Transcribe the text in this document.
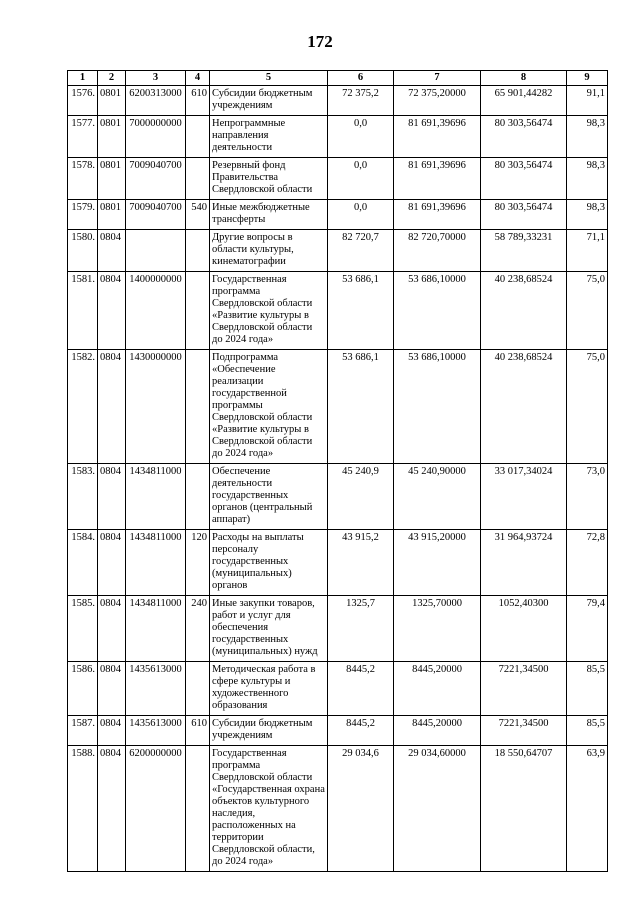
172
1	2	3	4	5	6	7	8	9
1576.	0801	6200313000	610	Субсидии бюджетным учреждениям	72 375,2	72 375,20000	65 901,44282	91,1
1577.	0801	7000000000		Непрограммные направления деятельности	0,0	81 691,39696	80 303,56474	98,3
1578.	0801	7009040700		Резервный фонд Правительства Свердловской области	0,0	81 691,39696	80 303,56474	98,3
1579.	0801	7009040700	540	Иные межбюджетные трансферты	0,0	81 691,39696	80 303,56474	98,3
1580.	0804			Другие вопросы в области культуры, кинематографии	82 720,7	82 720,70000	58 789,33231	71,1
1581.	0804	1400000000		Государственная программа Свердловской области «Развитие культуры в Свердловской области до 2024 года»	53 686,1	53 686,10000	40 238,68524	75,0
1582.	0804	1430000000		Подпрограмма «Обеспечение реализации государственной программы Свердловской области «Развитие культуры в Свердловской области до 2024 года»	53 686,1	53 686,10000	40 238,68524	75,0
1583.	0804	1434811000		Обеспечение деятельности государственных органов (центральный аппарат)	45 240,9	45 240,90000	33 017,34024	73,0
1584.	0804	1434811000	120	Расходы на выплаты персоналу государственных (муниципальных) органов	43 915,2	43 915,20000	31 964,93724	72,8
1585.	0804	1434811000	240	Иные закупки товаров, работ и услуг для обеспечения государственных (муниципальных) нужд	1325,7	1325,70000	1052,40300	79,4
1586.	0804	1435613000		Методическая работа в сфере культуры и художественного образования	8445,2	8445,20000	7221,34500	85,5
1587.	0804	1435613000	610	Субсидии бюджетным учреждениям	8445,2	8445,20000	7221,34500	85,5
1588.	0804	6200000000		Государственная программа Свердловской области «Государственная охрана объектов культурного наследия, расположенных на территории Свердловской области, до 2024 года»	29 034,6	29 034,60000	18 550,64707	63,9
